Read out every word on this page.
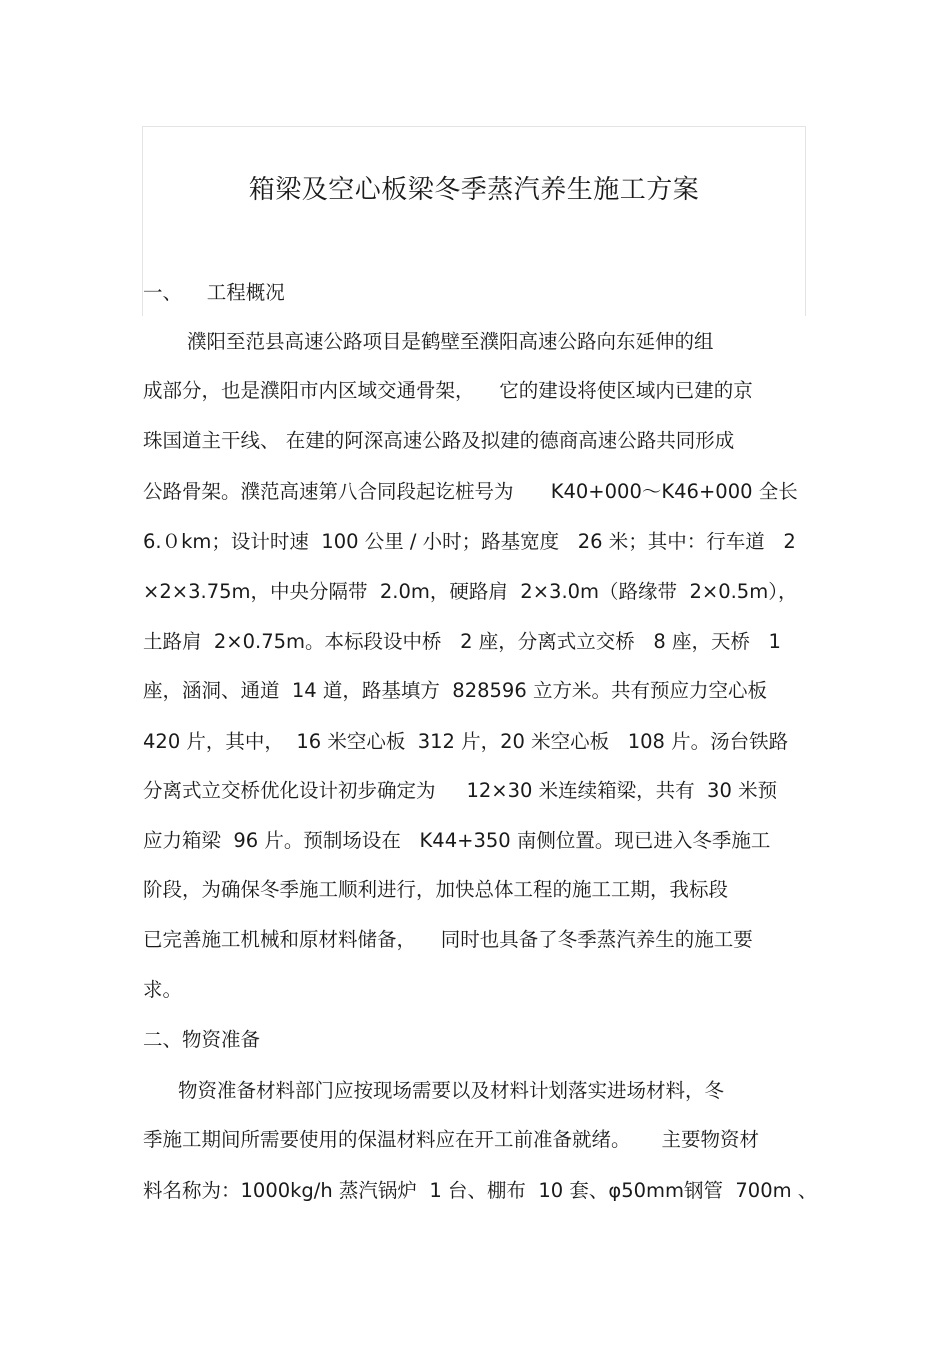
箱梁及空心板梁冬季蒸汽养生施工方案

一、    工程概况

濮阳至范县高速公路项目是鹤壁至濮阳高速公路向东延伸的组

成部分，也是濮阳市内区域交通骨架，    它的建设将使区域内已建的京

珠国道主干线、 在建的阿深高速公路及拟建的德商高速公路共同形成

公路骨架。濮范高速第八合同段起讫桩号为      K40+000～K46+000 全长

6.０km；设计时速  100 公里 / 小时；路基宽度   26 米；其中：行车道   2

×2×3.75m，中央分隔带  2.0m，硬路肩  2×3.0m（路缘带  2×0.5m），

土路肩  2×0.75m。本标段设中桥   2 座，分离式立交桥   8 座，天桥   1

座，涵洞、通道  14 道，路基填方  828596 立方米。共有预应力空心板

420 片，其中，  16 米空心板  312 片，20 米空心板   108 片。汤台铁路

分离式立交桥优化设计初步确定为     12×30 米连续箱梁，共有  30 米预

应力箱梁  96 片。预制场设在   K44+350 南侧位置。现已进入冬季施工

阶段，为确保冬季施工顺利进行，加快总体工程的施工工期，我标段

已完善施工机械和原材料储备，    同时也具备了冬季蒸汽养生的施工要

求。

二、物资准备

物资准备材料部门应按现场需要以及材料计划落实进场材料，冬

季施工期间所需要使用的保温材料应在开工前准备就绪。     主要物资材

料名称为：1000kg/h 蒸汽锅炉  1 台、棚布  10 套、φ50mm钢管  700m 、
